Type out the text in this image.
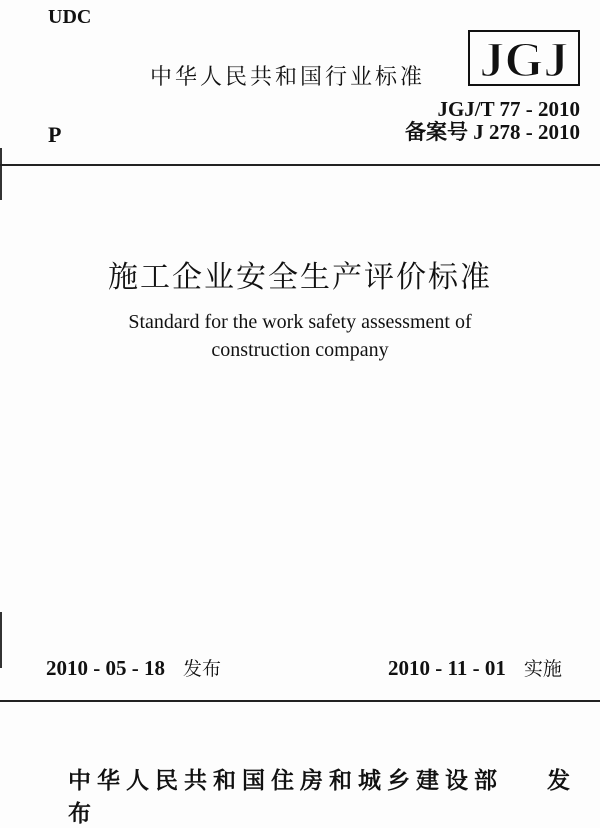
UDC
中华人民共和国行业标准 JGJ
JGJ/T 77 - 2010
备案号 J 278 - 2010
P
施工企业安全生产评价标准
Standard for the work safety assessment of
construction company
2010 - 05 - 18 发布	2010 - 11 - 01 实施
中华人民共和国住房和城乡建设部 发布
